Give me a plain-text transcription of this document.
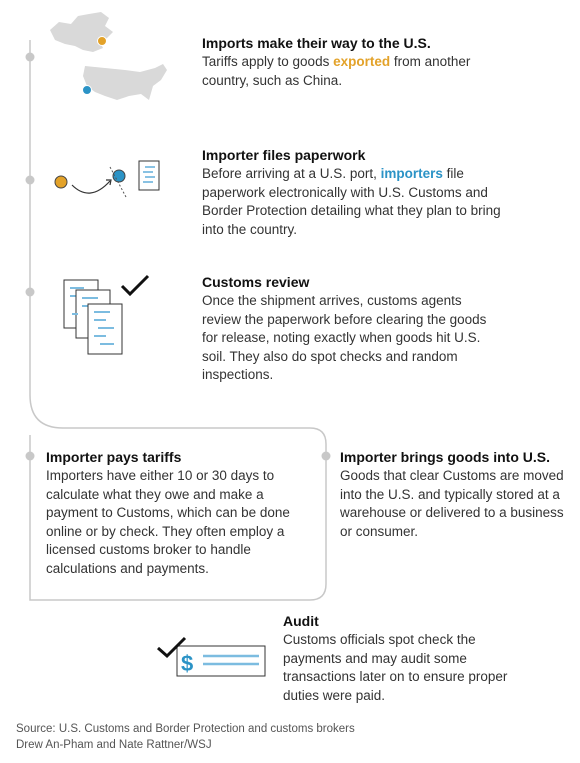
$
Imports make their way to the U.S.
Tariffs apply to goods exported from another country, such as China.
Importer files paperwork
Before arriving at a U.S. port, importers file paperwork electronically with U.S. Customs and Border Protection detailing what they plan to bring into the country.
Customs review
Once the shipment arrives, customs agents review the paperwork before clearing the goods for release, noting exactly when goods hit U.S. soil. They also do spot checks and random inspections.
Importer pays tariffs
Importers have either 10 or 30 days to calculate what they owe and make a payment to Customs, which can be done online or by check. They often employ a licensed customs broker to handle calculations and payments.
Importer brings goods into U.S.
Goods that clear Customs are moved into the U.S. and typically stored at a warehouse or delivered to a business or consumer.
Audit
Customs officials spot check the payments and may audit some transactions later on to ensure proper duties were paid.
Source: U.S. Customs and Border Protection and customs brokers
Drew An-Pham and Nate Rattner/WSJ
